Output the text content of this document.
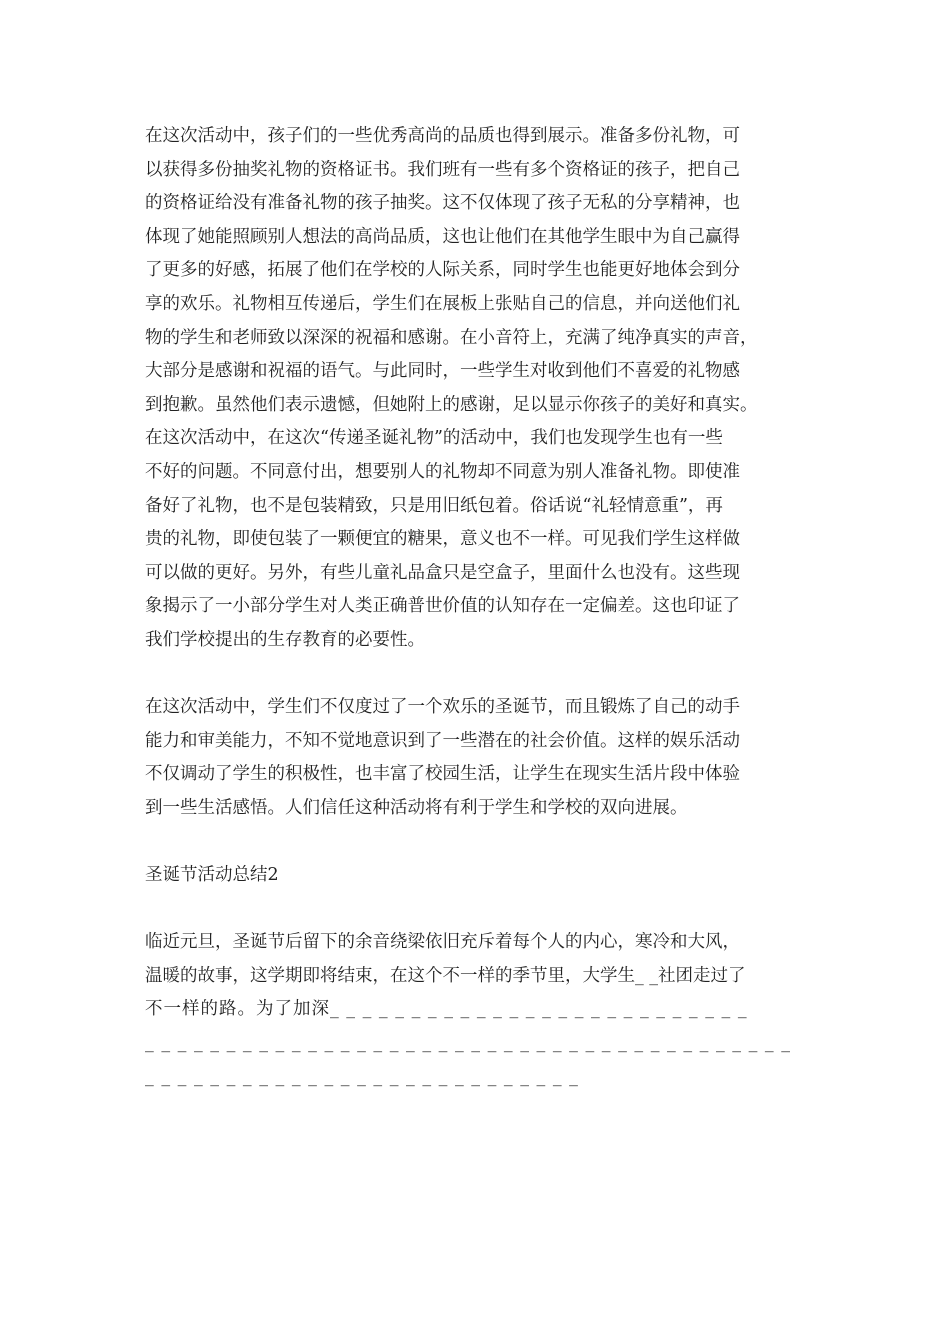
在这次活动中，孩子们的一些优秀高尚的品质也得到展示。准备多份礼物，可
以获得多份抽奖礼物的资格证书。我们班有一些有多个资格证的孩子，把自己
的资格证给没有准备礼物的孩子抽奖。这不仅体现了孩子无私的分享精神，也
体现了她能照顾别人想法的高尚品质，这也让他们在其他学生眼中为自己赢得
了更多的好感，拓展了他们在学校的人际关系，同时学生也能更好地体会到分
享的欢乐。礼物相互传递后，学生们在展板上张贴自己的信息，并向送他们礼
物的学生和老师致以深深的祝福和感谢。在小音符上，充满了纯净真实的声音，
大部分是感谢和祝福的语气。与此同时，一些学生对收到他们不喜爱的礼物感
到抱歉。虽然他们表示遗憾，但她附上的感谢，足以显示你孩子的美好和真实。
在这次活动中，在这次“传递圣诞礼物”的活动中，我们也发现学生也有一些
不好的问题。不同意付出，想要别人的礼物却不同意为别人准备礼物。即使准
备好了礼物，也不是包装精致，只是用旧纸包着。俗话说“礼轻情意重”，再
贵的礼物，即使包装了一颗便宜的糖果，意义也不一样。可见我们学生这样做
可以做的更好。另外，有些儿童礼品盒只是空盒子，里面什么也没有。这些现
象揭示了一小部分学生对人类正确普世价值的认知存在一定偏差。这也印证了
我们学校提出的生存教育的必要性。
在这次活动中，学生们不仅度过了一个欢乐的圣诞节，而且锻炼了自己的动手
能力和审美能力，不知不觉地意识到了一些潜在的社会价值。这样的娱乐活动
不仅调动了学生的积极性，也丰富了校园生活，让学生在现实生活片段中体验
到一些生活感悟。人们信任这种活动将有利于学生和学校的双向进展。
圣诞节活动总结2
临近元旦，圣诞节后留下的余音绕梁依旧充斥着每个人的内心，寒冷和大风，
温暖的故事，这学期即将结束，在这个不一样的季节里，大学生_ _社团走过了
不一样的路。为了加深_ _ _ _ _ _ _ _ _ _ _ _ _ _ _ _ _ _ _ _ _ _ _ _ _ _
_ _ _ _ _ _ _ _ _ _ _ _ _ _ _ _ _ _ _ _ _ _ _ _ _ _ _ _ _ _ _ _ _ _ _ _ _ _ _ _
_ _ _ _ _ _ _ _ _ _ _ _ _ _ _ _ _ _ _ _ _ _ _ _ _ _ _
